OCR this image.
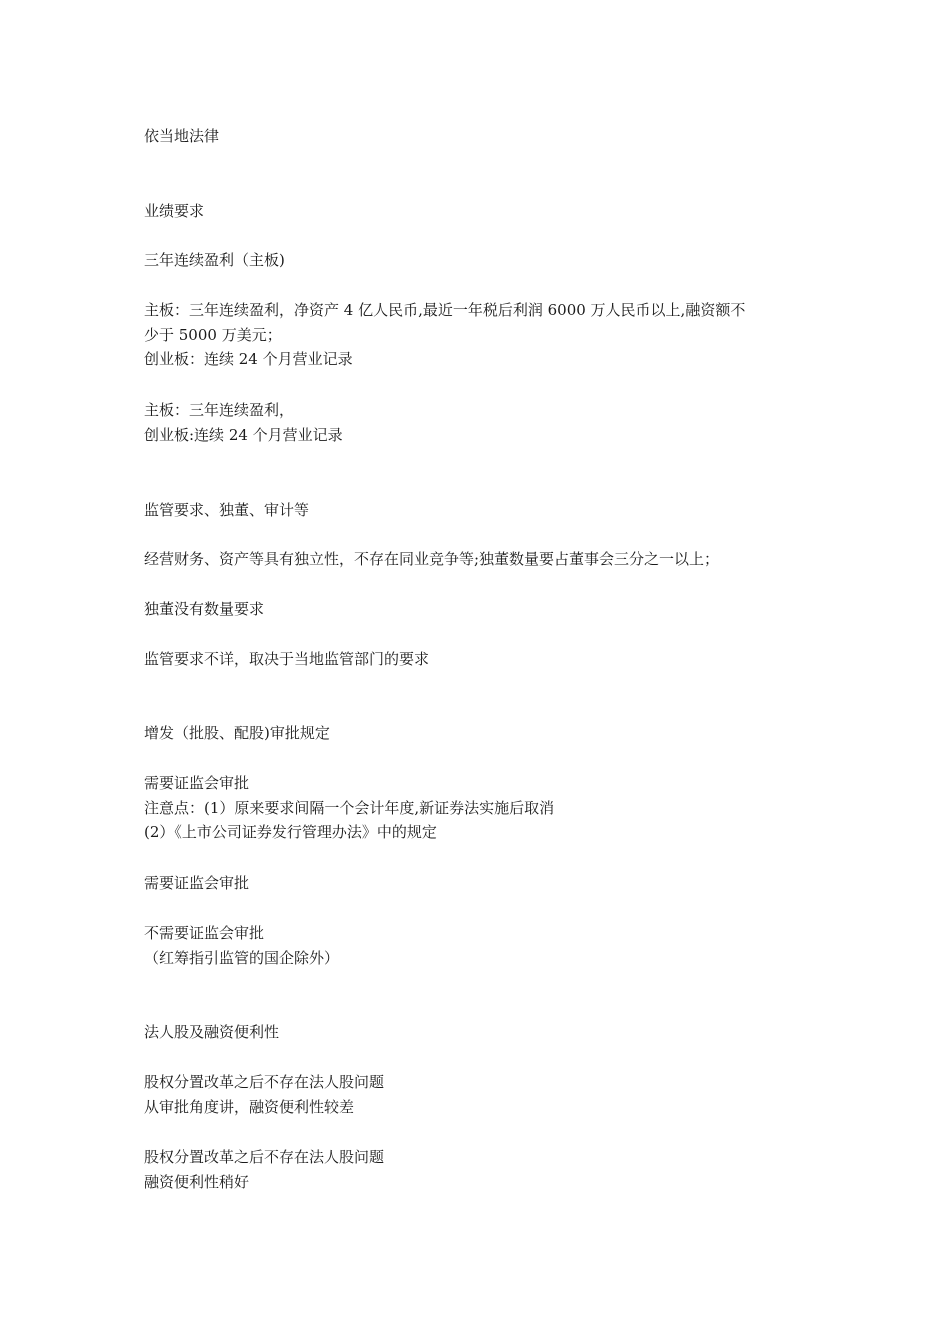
依当地法律

业绩要求

三年连续盈利（主板)

主板：三年连续盈利，净资产 4 亿人民币,最近一年税后利润 6000 万人民币以上,融资额不
少于 5000 万美元；
创业板：连续 24 个月营业记录

主板：三年连续盈利，
创业板:连续 24 个月营业记录

监管要求、独董、审计等

经营财务、资产等具有独立性，不存在同业竞争等;独董数量要占董事会三分之一以上；

独董没有数量要求

监管要求不详，取决于当地监管部门的要求

增发（批股、配股)审批规定

需要证监会审批
注意点：(1）原来要求间隔一个会计年度,新证券法实施后取消
(2）《上市公司证券发行管理办法》中的规定

需要证监会审批

不需要证监会审批
（红筹指引监管的国企除外）

法人股及融资便利性

股权分置改革之后不存在法人股问题
从审批角度讲，融资便利性较差

股权分置改革之后不存在法人股问题
融资便利性稍好
